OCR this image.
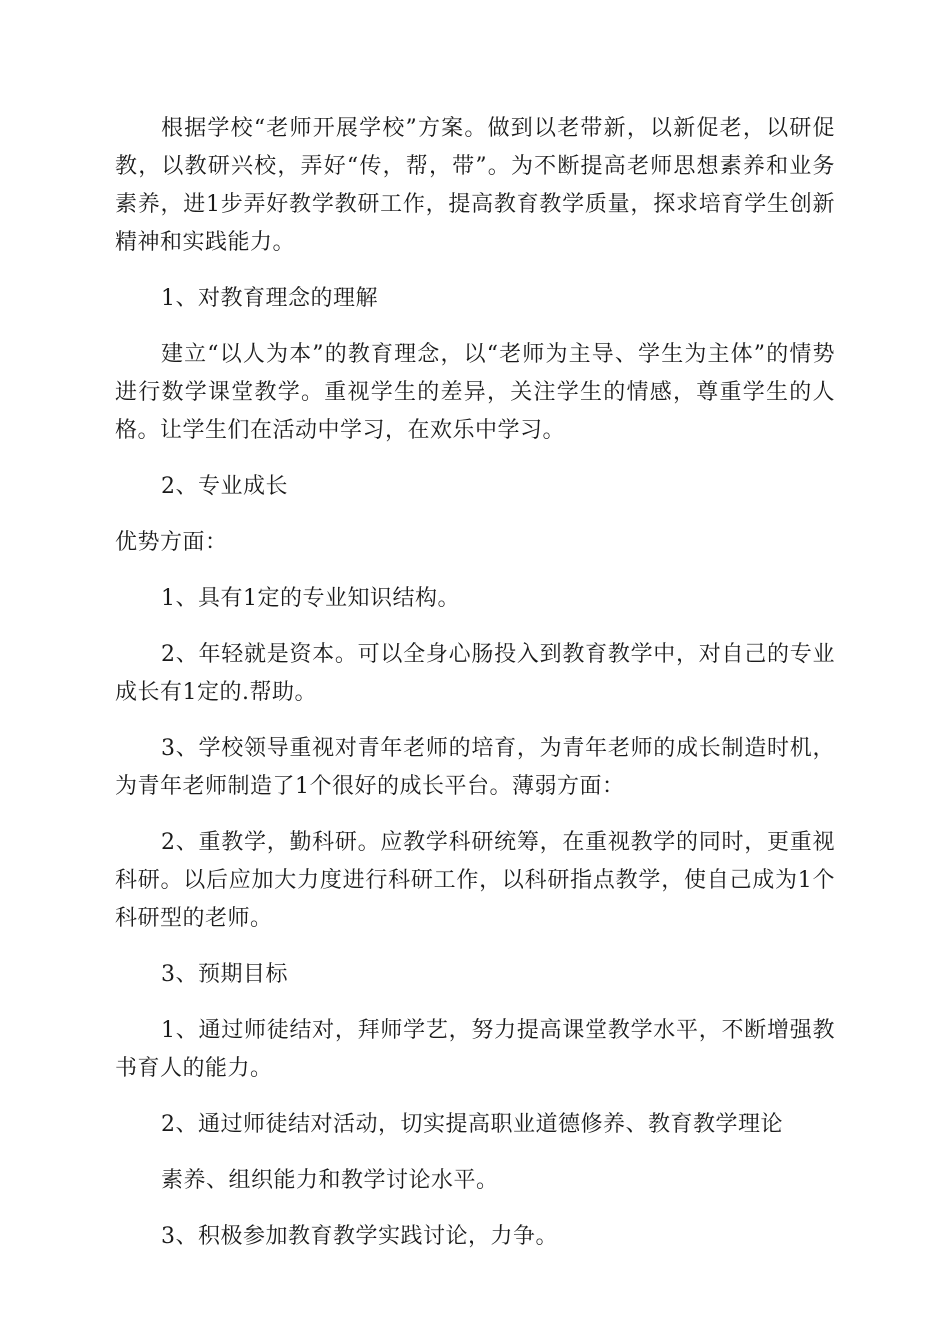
根据学校“老师开展学校”方案。做到以老带新，以新促老，以研促教，以教研兴校，弄好“传，帮，带”。为不断提高老师思想素养和业务素养，进1步弄好教学教研工作，提高教育教学质量，探求培育学生创新精神和实践能力。

1、对教育理念的理解

建立“以人为本”的教育理念，以“老师为主导、学生为主体”的情势进行数学课堂教学。重视学生的差异，关注学生的情感，尊重学生的人格。让学生们在活动中学习，在欢乐中学习。

2、专业成长

优势方面：

1、具有1定的专业知识结构。

2、年轻就是资本。可以全身心肠投入到教育教学中，对自己的专业成长有1定的.帮助。

3、学校领导重视对青年老师的培育，为青年老师的成长制造时机，为青年老师制造了1个很好的成长平台。薄弱方面：

2、重教学，勤科研。应教学科研统筹，在重视教学的同时，更重视科研。以后应加大力度进行科研工作，以科研指点教学，使自己成为1个科研型的老师。

3、预期目标

1、通过师徒结对，拜师学艺，努力提高课堂教学水平，不断增强教书育人的能力。

2、通过师徒结对活动，切实提高职业道德修养、教育教学理论

素养、组织能力和教学讨论水平。

3、积极参加教育教学实践讨论，力争。
